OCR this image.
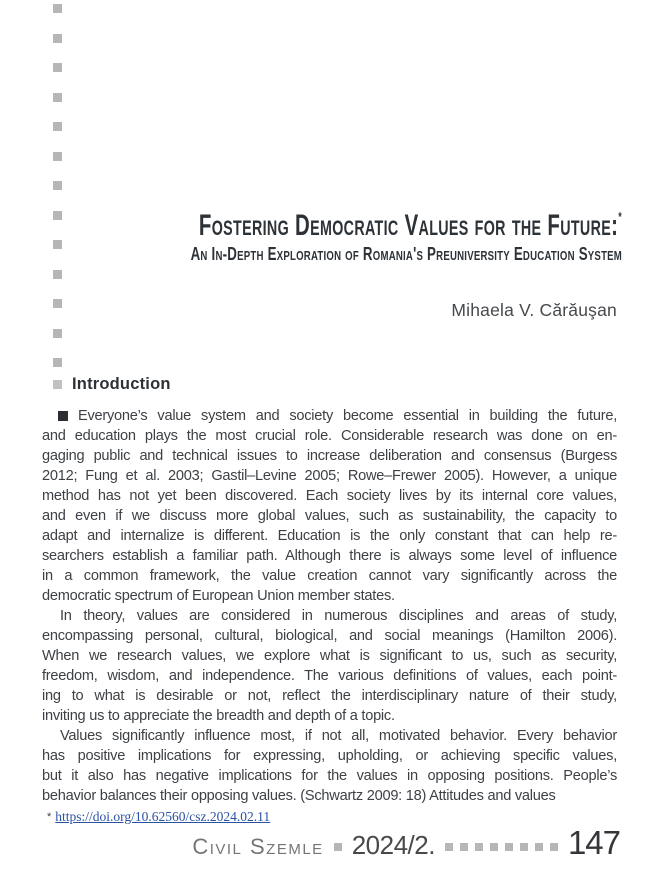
Fostering Democratic Values for the Future:*
An In-Depth Exploration of Romania's Preuniversity Education System
Mihaela V. Cărăuşan
Introduction
Everyone’s value system and society become essential in building the future,
and education plays the most crucial role. Considerable research was done on en-
gaging public and technical issues to increase deliberation and consensus (Burgess
2012; Fung et al. 2003; Gastil–Levine 2005; Rowe–Frewer 2005). However, a unique
method has not yet been discovered. Each society lives by its internal core values,
and even if we discuss more global values, such as sustainability, the capacity to
adapt and internalize is different. Education is the only constant that can help re-
searchers establish a familiar path. Although there is always some level of influence
in a common framework, the value creation cannot vary significantly across the
democratic spectrum of European Union member states.
In theory, values are considered in numerous disciplines and areas of study,
encompassing personal, cultural, biological, and social meanings (Hamilton 2006).
When we research values, we explore what is significant to us, such as security,
freedom, wisdom, and independence. The various definitions of values, each point-
ing to what is desirable or not, reflect the interdisciplinary nature of their study,
inviting us to appreciate the breadth and depth of a topic.
Values significantly influence most, if not all, motivated behavior. Every behavior
has positive implications for expressing, upholding, or achieving specific values,
but it also has negative implications for the values in opposing positions. People’s
behavior balances their opposing values. (Schwartz 2009: 18) Attitudes and values
* https://doi.org/10.62560/csz.2024.02.11
Civil Szemle 2024/2.	147
